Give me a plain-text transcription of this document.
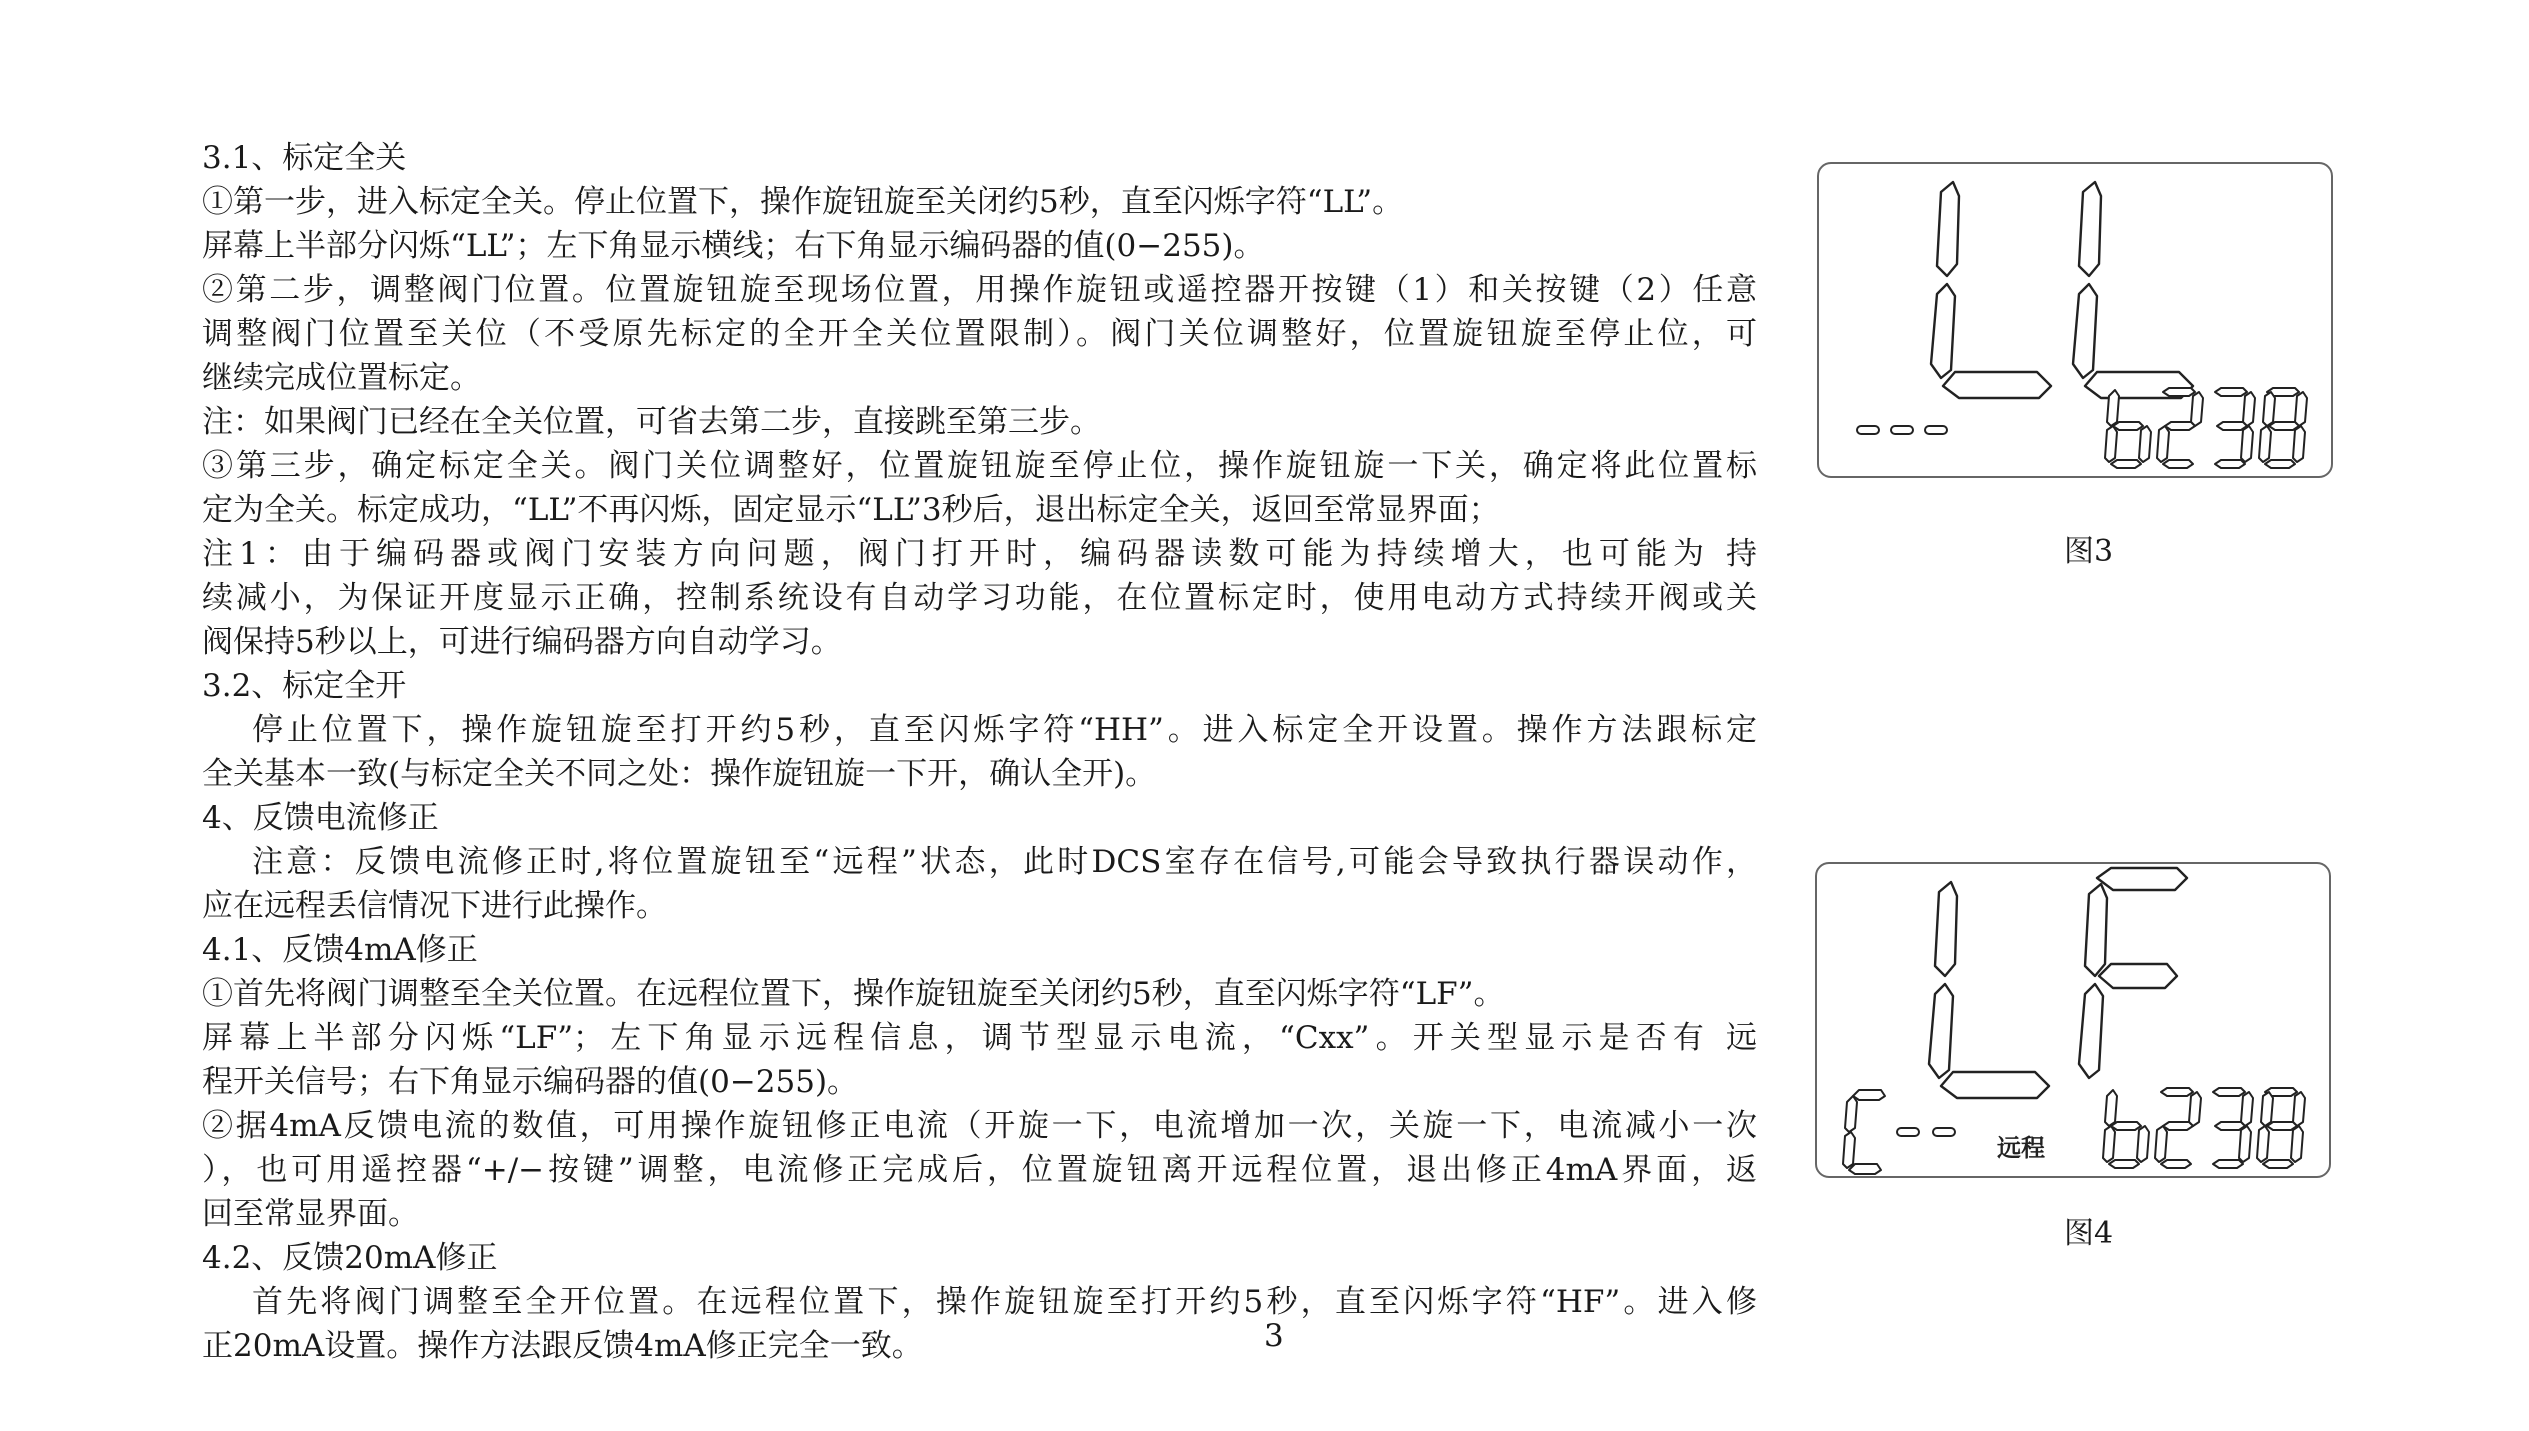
3.1、标定全关
①第一步，进入标定全关。停止位置下，操作旋钮旋至关闭约5秒，直至闪烁字符“LL”。
屏幕上半部分闪烁“LL”；左下角显示横线；右下角显示编码器的值(0−255)。
②第二步，调整阀门位置。位置旋钮旋至现场位置，用操作旋钮或遥控器开按键（1）和关按键（2）任意
调整阀门位置至关位（不受原先标定的全开全关位置限制）。阀门关位调整好，位置旋钮旋至停止位，可
继续完成位置标定。
注：如果阀门已经在全关位置，可省去第二步，直接跳至第三步。
③第三步，确定标定全关。阀门关位调整好，位置旋钮旋至停止位，操作旋钮旋一下关，确定将此位置标
定为全关。标定成功，“LL”不再闪烁，固定显示“LL”3秒后，退出标定全关，返回至常显界面；
注1：由于编码器或阀门安装方向问题，阀门打开时，编码器读数可能为持续增大，也可能为 持
续减小，为保证开度显示正确，控制系统设有自动学习功能，在位置标定时，使用电动方式持续开阀或关
阀保持5秒以上，可进行编码器方向自动学习。
3.2、标定全开
停止位置下，操作旋钮旋至打开约5秒，直至闪烁字符“HH”。进入标定全开设置。操作方法跟标定
全关基本一致(与标定全关不同之处：操作旋钮旋一下开，确认全开)。
4、反馈电流修正
注意：反馈电流修正时,将位置旋钮至“远程”状态，此时DCS室存在信号,可能会导致执行器误动作，
应在远程丢信情况下进行此操作。
4.1、反馈4mA修正
①首先将阀门调整至全关位置。在远程位置下，操作旋钮旋至关闭约5秒，直至闪烁字符“LF”。
屏幕上半部分闪烁“LF”；左下角显示远程信息，调节型显示电流，“Cxx”。开关型显示是否有 远
程开关信号；右下角显示编码器的值(0−255)。
②据4mA反馈电流的数值，可用操作旋钮修正电流（开旋一下，电流增加一次，关旋一下，电流减小一次
），也可用遥控器“+/−按键”调整，电流修正完成后，位置旋钮离开远程位置，退出修正4mA界面，返
回至常显界面。
4.2、反馈20mA修正
首先将阀门调整至全开位置。在远程位置下，操作旋钮旋至打开约5秒，直至闪烁字符“HF”。进入修
正20mA设置。操作方法跟反馈4mA修正完全一致。
图3
远程
图4
3
